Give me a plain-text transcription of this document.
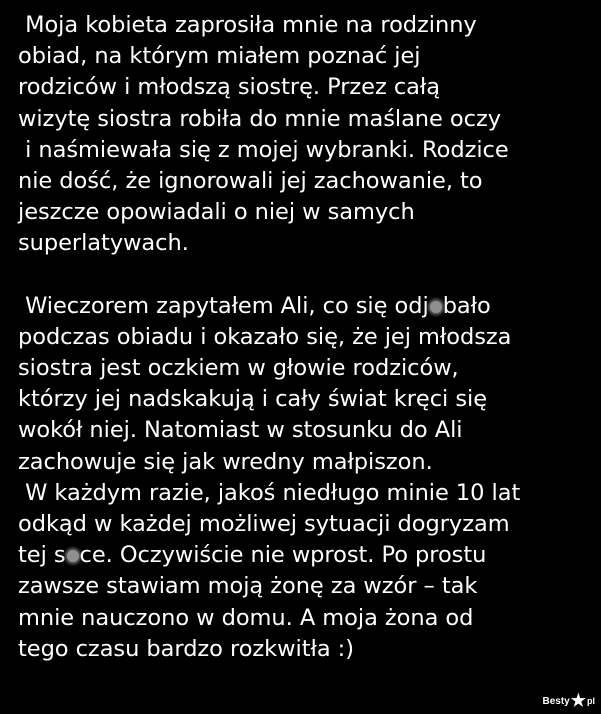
Moja kobieta zaprosiła mnie na rodzinny
obiad, na którym miałem poznać jej
rodziców i młodszą siostrę. Przez całą
wizytę siostra robiła do mnie maślane oczy
i naśmiewała się z mojej wybranki. Rodzice
nie dość, że ignorowali jej zachowanie, to
jeszcze opowiadali o niej w samych
superlatywach.
Wieczorem zapytałem Ali, co się odj bało
podczas obiadu i okazało się, że jej młodsza
siostra jest oczkiem w głowie rodziców,
którzy jej nadskakują i cały świat kręci się
wokół niej. Natomiast w stosunku do Ali
zachowuje się jak wredny małpiszon.
W każdym razie, jakoś niedługo minie 10 lat
odkąd w każdej możliwej sytuacji dogryzam
tej s ce. Oczywiście nie wprost. Po prostu
zawsze stawiam moją żonę za wzór – tak
mnie nauczono w domu. A moja żona od
tego czasu bardzo rozkwitła :)
Besty ★ pl
